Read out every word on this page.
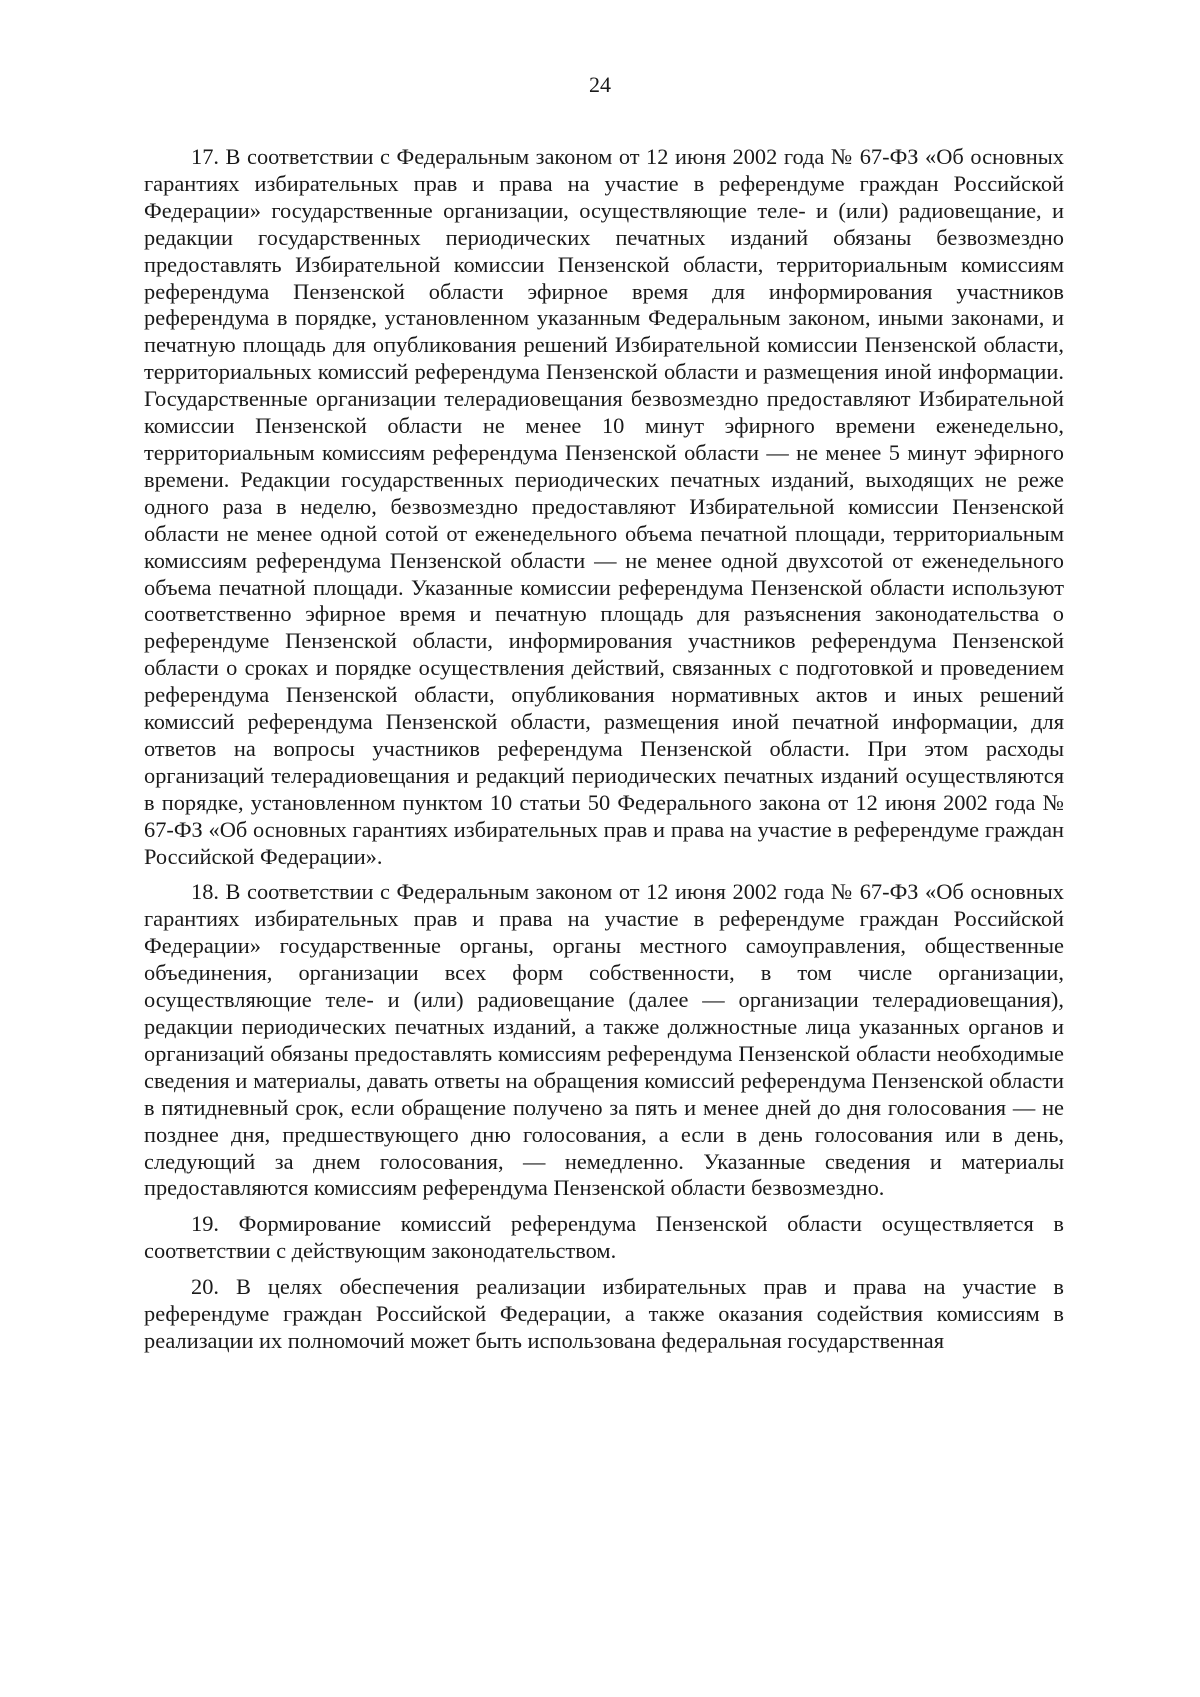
24

17. В соответствии с Федеральным законом от 12 июня 2002 года № 67-ФЗ «Об основных гарантиях избирательных прав и права на участие в референдуме граждан Российской Федерации» государственные организации, осуществляющие теле- и (или) радиовещание, и редакции государственных периодических печатных изданий обязаны безвозмездно предоставлять Избирательной комиссии Пензенской области, территориальным комиссиям референдума Пензенской области эфирное время для информирования участников референдума в порядке, установленном указанным Федеральным законом, иными законами, и печатную площадь для опубликования решений Избирательной комиссии Пензенской области, территориальных комиссий референдума Пензенской области и размещения иной информации. Государственные организации телерадиовещания безвозмездно предоставляют Избирательной комиссии Пензенской области не менее 10 минут эфирного времени еженедельно, территориальным комиссиям референдума Пензенской области — не менее 5 минут эфирного времени. Редакции государственных периодических печатных изданий, выходящих не реже одного раза в неделю, безвозмездно предоставляют Избирательной комиссии Пензенской области не менее одной сотой от еженедельного объема печатной площади, территориальным комиссиям референдума Пензенской области — не менее одной двухсотой от еженедельного объема печатной площади. Указанные комиссии референдума Пензенской области используют соответственно эфирное время и печатную площадь для разъяснения законодательства о референдуме Пензенской области, информирования участников референдума Пензенской области о сроках и порядке осуществления действий, связанных с подготовкой и проведением референдума Пензенской области, опубликования нормативных актов и иных решений комиссий референдума Пензенской области, размещения иной печатной информации, для ответов на вопросы участников референдума Пензенской области. При этом расходы организаций телерадиовещания и редакций периодических печатных изданий осуществляются в порядке, установленном пунктом 10 статьи 50 Федерального закона от 12 июня 2002 года № 67-ФЗ «Об основных гарантиях избирательных прав и права на участие в референдуме граждан Российской Федерации».

18. В соответствии с Федеральным законом от 12 июня 2002 года № 67-ФЗ «Об основных гарантиях избирательных прав и права на участие в референдуме граждан Российской Федерации» государственные органы, органы местного самоуправления, общественные объединения, организации всех форм собственности, в том числе организации, осуществляющие теле- и (или) радиовещание (далее — организации телерадиовещания), редакции периодических печатных изданий, а также должностные лица указанных органов и организаций обязаны предоставлять комиссиям референдума Пензенской области необходимые сведения и материалы, давать ответы на обращения комиссий референдума Пензенской области в пятидневный срок, если обращение получено за пять и менее дней до дня голосования — не позднее дня, предшествующего дню голосования, а если в день голосования или в день, следующий за днем голосования, — немедленно. Указанные сведения и материалы предоставляются комиссиям референдума Пензенской области безвозмездно.

19. Формирование комиссий референдума Пензенской области осуществляется в соответствии с действующим законодательством.

20. В целях обеспечения реализации избирательных прав и права на участие в референдуме граждан Российской Федерации, а также оказания содействия комиссиям в реализации их полномочий может быть использована федеральная государственная
